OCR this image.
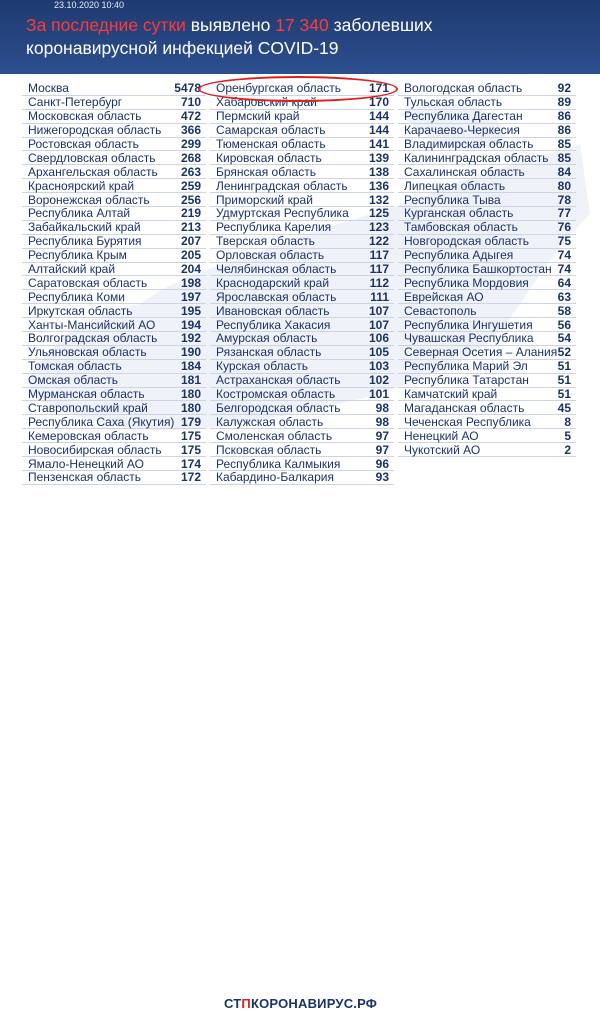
23.10.2020 10:40
За последние сутки выявлено 17 340 заболевших
коронавирусной инфекцией COVID-19
Москва	5478
Санкт-Петербург	710
Московская область	472
Нижегородская область 366
Ростовская область	299
Свердловская область 268
Архангельская область 263
Красноярский край	259
Воронежская область	256
Республика Алтай	219
Забайкальский край	213
Республика Бурятия	207
Республика Крым	205
Алтайский край	204
Саратовская область	198
Республика Коми	197
Иркутская область	195
Ханты-Мансийский АО 194
Волгоградская область 192
Ульяновская область	190
Томская область	184
Омская область	181
Мурманская область	180
Ставропольский край	180
Республика Саха (Якутия) 179
Кемеровская область	175
Новосибирская область 175
Ямало-Ненецкий АО	174
Пензенская область	172
Оренбургская область 171
Хабаровский край	170
Пермский край	144
Самарская область	144
Тюменская область	141
Кировская область	139
Брянская область	138
Ленинградская область 136
Приморский край	132
Удмуртская Республика 125
Республика Карелия	123
Тверская область	122
Орловская область	117
Челябинская область	117
Краснодарский край	112
Ярославская область	111
Ивановская область	107
Республика Хакасия	107
Амурская область	106
Рязанская область	105
Курская область	103
Астраханская область 102
Костромская область	101
Белгородская область	98
Калужская область	98
Смоленская область	97
Псковская область	97
Республика Калмыкия	96
Кабардино-Балкария	93
Вологодская область	92
Тульская область	89
Республика Дагестан	86
Карачаево-Черкесия	86
Владимирская область 85
Калининградская область 85
Сахалинская область	84
Липецкая область	80
Республика Тыва	78
Курганская область	77
Тамбовская область	76
Новгородская область 75
Республика Адыгея	74
Республика Башкортостан 74
Республика Мордовия 64
Еврейская АО	63
Севастополь	58
Республика Ингушетия 56
Чувашская Республика 54
Северная Осетия – Алания 52
Республика Марий Эл 51
Республика Татарстан 51
Камчатский край	51
Магаданская область	45
Чеченская Республика	8
Ненецкий АО	5
Чукотский АО	2
СТПКОРОНАВИРУС.РФ
